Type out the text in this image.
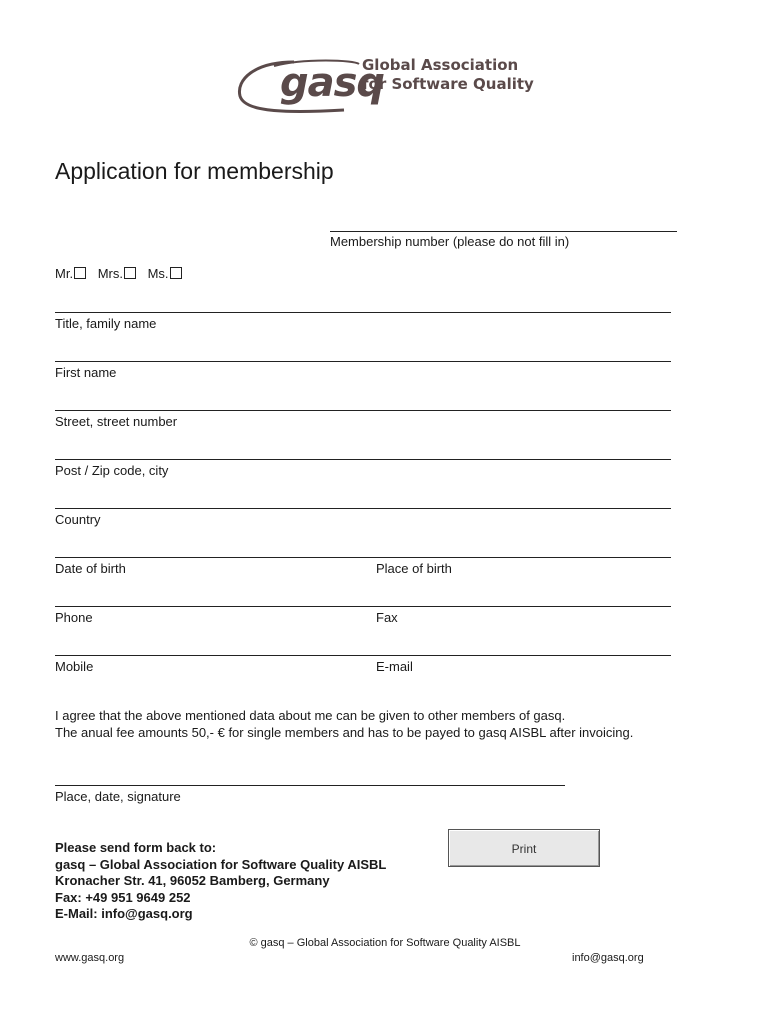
gasq
Global Association
for Software Quality
Application for membership
Membership number (please do not fill in)
Mr. Mrs. Ms.
Title, family name
First name
Street, street number
Post / Zip code, city
Country
Date of birth	Place of birth
Phone	Fax
Mobile	E-mail
I agree that the above mentioned data about me can be given to other members of gasq.
The anual fee amounts 50,- € for single members and has to be payed to gasq AISBL after invoicing.
Place, date, signature
Please send form back to:
gasq – Global Association for Software Quality AISBL
Kronacher Str. 41, 96052 Bamberg, Germany
Fax: +49 951 9649 252
E-Mail: info@gasq.org
Print
© gasq – Global Association for Software Quality AISBL
www.gasq.org	info@gasq.org
